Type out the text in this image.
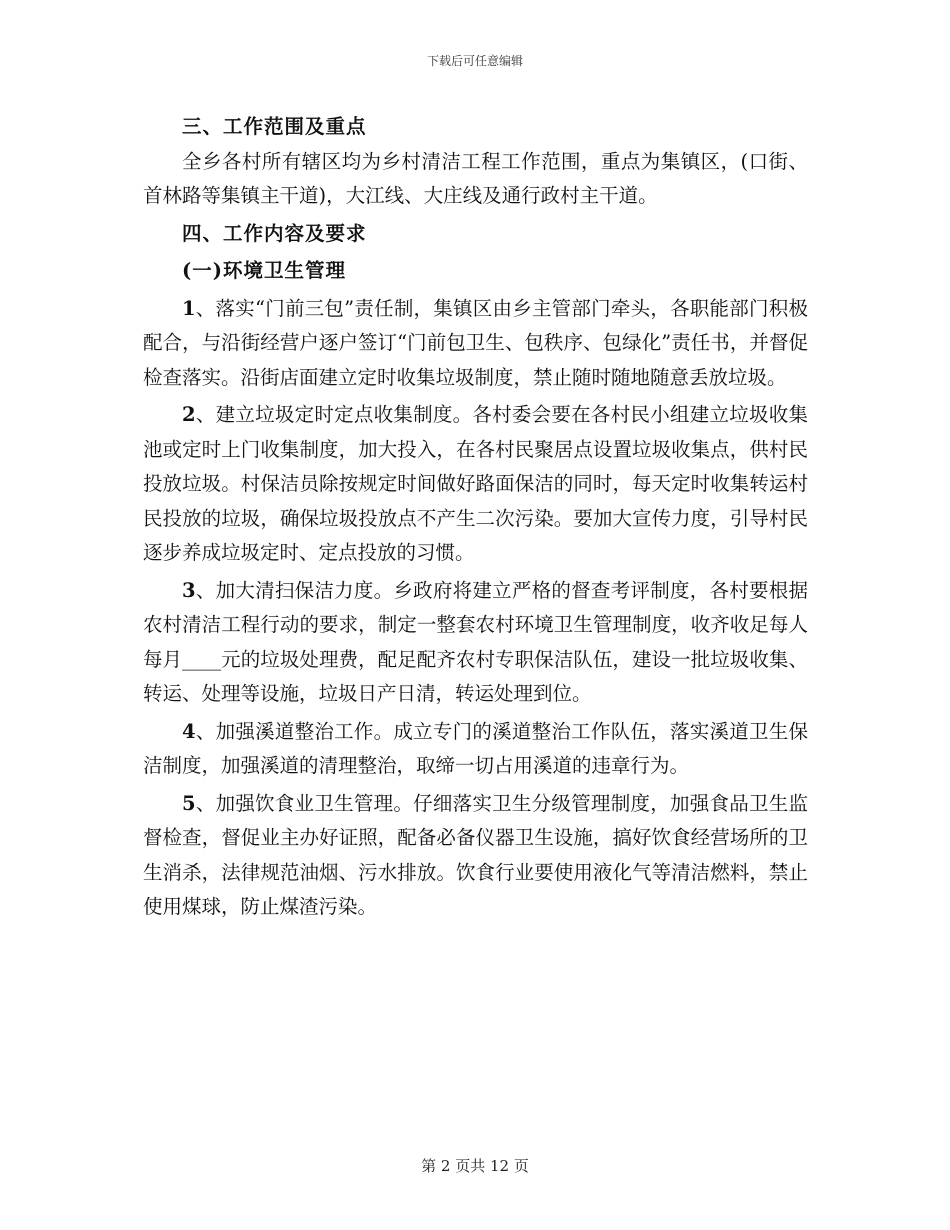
下载后可任意编辑

三、工作范围及重点

全乡各村所有辖区均为乡村清洁工程工作范围，重点为集镇区，(口街、首林路等集镇主干道)，大江线、大庄线及通行政村主干道。

四、工作内容及要求

(一)环境卫生管理

1、落实“门前三包”责任制，集镇区由乡主管部门牵头，各职能部门积极配合，与沿街经营户逐户签订“门前包卫生、包秩序、包绿化”责任书，并督促检查落实。沿街店面建立定时收集垃圾制度，禁止随时随地随意丢放垃圾。

2、建立垃圾定时定点收集制度。各村委会要在各村民小组建立垃圾收集池或定时上门收集制度，加大投入，在各村民聚居点设置垃圾收集点，供村民投放垃圾。村保洁员除按规定时间做好路面保洁的同时，每天定时收集转运村民投放的垃圾，确保垃圾投放点不产生二次污染。要加大宣传力度，引导村民逐步养成垃圾定时、定点投放的习惯。

3、加大清扫保洁力度。乡政府将建立严格的督查考评制度，各村要根据农村清洁工程行动的要求，制定一整套农村环境卫生管理制度，收齐收足每人每月____元的垃圾处理费，配足配齐农村专职保洁队伍，建设一批垃圾收集、转运、处理等设施，垃圾日产日清，转运处理到位。

4、加强溪道整治工作。成立专门的溪道整治工作队伍，落实溪道卫生保洁制度，加强溪道的清理整治，取缔一切占用溪道的违章行为。

5、加强饮食业卫生管理。仔细落实卫生分级管理制度，加强食品卫生监督检查，督促业主办好证照，配备必备仪器卫生设施，搞好饮食经营场所的卫生消杀，法律规范油烟、污水排放。饮食行业要使用液化气等清洁燃料，禁止使用煤球，防止煤渣污染。

第 2 页共 12 页
